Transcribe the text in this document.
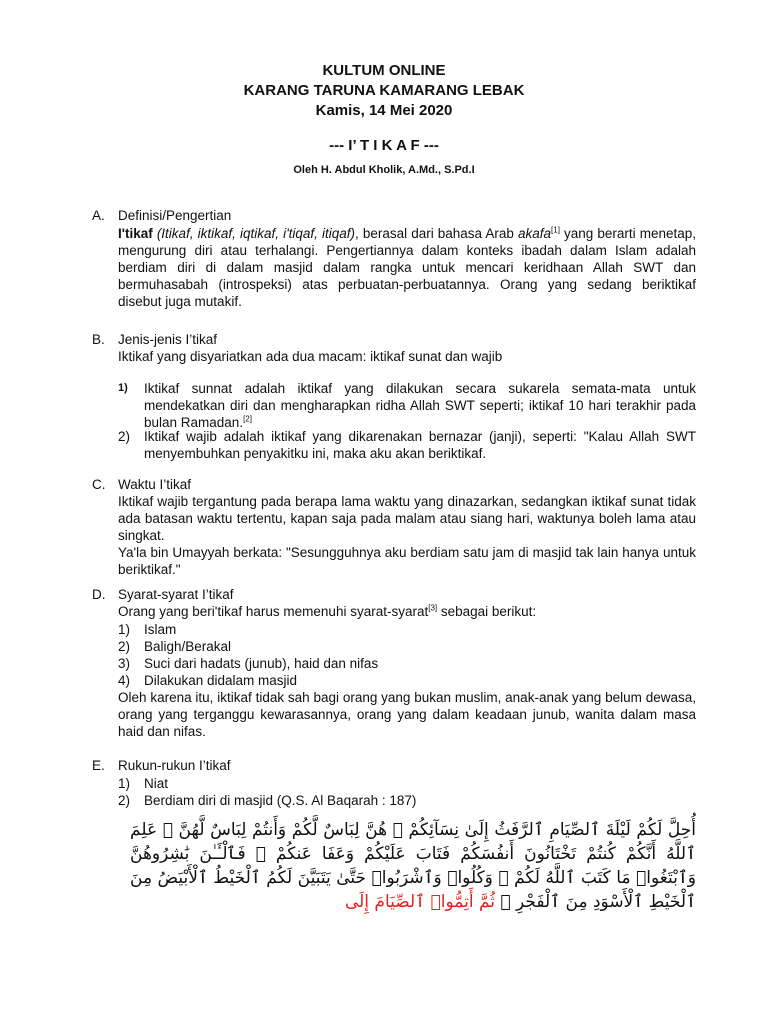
KULTUM ONLINE
KARANG TARUNA KAMARANG LEBAK
Kamis, 14 Mei 2020
--- I’ T I K A F ---
Oleh H. Abdul Kholik, A.Md., S.Pd.I
A. Definisi/Pengertian
I'tikaf (Itikaf, iktikaf, iqtikaf, i'tiqaf, itiqaf), berasal dari bahasa Arab akafa[1] yang berarti menetap, mengurung diri atau terhalangi. Pengertiannya dalam konteks ibadah dalam Islam adalah berdiam diri di dalam masjid dalam rangka untuk mencari keridhaan Allah SWT dan bermuhasabah (introspeksi) atas perbuatan-perbuatannya. Orang yang sedang beriktikaf disebut juga mutakif.
B. Jenis-jenis I’tikaf
Iktikaf yang disyariatkan ada dua macam: iktikaf sunat dan wajib
1) Iktikaf sunnat adalah iktikaf yang dilakukan secara sukarela semata-mata untuk mendekatkan diri dan mengharapkan ridha Allah SWT seperti; iktikaf 10 hari terakhir pada bulan Ramadan.[2]
2) Iktikaf wajib adalah iktikaf yang dikarenakan bernazar (janji), seperti: "Kalau Allah SWT menyembuhkan penyakitku ini, maka aku akan beriktikaf.
C. Waktu I’tikaf
Iktikaf wajib tergantung pada berapa lama waktu yang dinazarkan, sedangkan iktikaf sunat tidak ada batasan waktu tertentu, kapan saja pada malam atau siang hari, waktunya boleh lama atau singkat.
Ya'la bin Umayyah berkata: "Sesungguhnya aku berdiam satu jam di masjid tak lain hanya untuk beriktikaf."
D. Syarat-syarat I’tikaf
Orang yang beri'tikaf harus memenuhi syarat-syarat[3] sebagai berikut:
1) Islam
2) Baligh/Berakal
3) Suci dari hadats (junub), haid dan nifas
4) Dilakukan didalam masjid
Oleh karena itu, iktikaf tidak sah bagi orang yang bukan muslim, anak-anak yang belum dewasa, orang yang terganggu kewarasannya, orang yang dalam keadaan junub, wanita dalam masa haid dan nifas.
E. Rukun-rukun I’tikaf
1) Niat
2) Berdiam diri di masjid (Q.S. Al Baqarah : 187)
أُحِلَّ لَكُمْ لَيْلَةَ ٱلصِّيَامِ ٱلرَّفَثُ إِلَىٰ نِسَآئِكُمْ ۚ هُنَّ لِبَاسٌ لَّكُمْ وَأَنتُمْ لِبَاسٌ لَّهُنَّ ۗ عَلِمَ ٱللَّهُ أَنَّكُمْ كُنتُمْ تَخْتَانُونَ أَنفُسَكُمْ فَتَابَ عَلَيْكُمْ وَعَفَا عَنكُمْ ۖ فَٱلْـَٔـٰنَ بَٰشِرُوهُنَّ وَٱبْتَغُوا۟ مَا كَتَبَ ٱللَّهُ لَكُمْ ۚ وَكُلُوا۟ وَٱشْرَبُوا۟ حَتَّىٰ يَتَبَيَّنَ لَكُمُ ٱلْخَيْطُ ٱلْأَبْيَضُ مِنَ ٱلْخَيْطِ ٱلْأَسْوَدِ مِنَ ٱلْفَجْرِ ۖ ثُمَّ أَتِمُّوا۟ ٱلصِّيَامَ إِلَى
